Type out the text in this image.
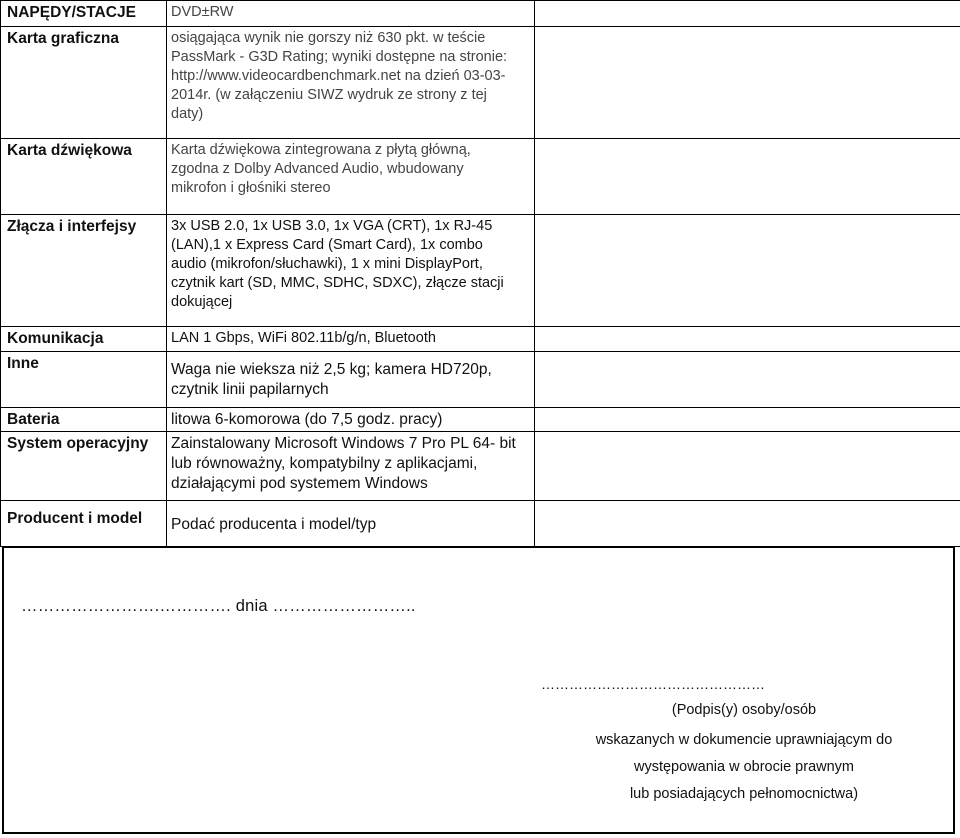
NAPĘDY/STACJE	DVD±RW	

Karta graficzna	osiągająca wynik nie gorszy niż 630 pkt. w teście
PassMark - G3D Rating; wyniki dostępne na stronie:
http://www.videocardbenchmark.net na dzień 03-03-
2014r. (w załączeniu SIWZ wydruk ze strony z tej
daty)	

Karta dźwiękowa	Karta dźwiękowa zintegrowana z płytą główną,
zgodna z Dolby Advanced Audio, wbudowany
mikrofon i głośniki stereo	

Złącza i interfejsy	3x USB 2.0, 1x USB 3.0, 1x VGA (CRT), 1x RJ-45
(LAN),1 x Express Card (Smart Card), 1x combo
audio (mikrofon/słuchawki), 1 x mini DisplayPort,
czytnik kart (SD, MMC, SDHC, SDXC), złącze stacji
dokującej	

Komunikacja	LAN 1 Gbps, WiFi 802.11b/g/n, Bluetooth	

Inne	Waga nie wieksza niż 2,5 kg; kamera HD720p,
czytnik linii papilarnych	

Bateria	litowa 6-komorowa (do 7,5 godz. pracy)	

System operacyjny	Zainstalowany Microsoft Windows 7 Pro PL 64- bit
lub równoważny, kompatybilny z aplikacjami,
działającymi pod systemem Windows	

Producent i model	Podać producenta i model/typ	

…………………….…………. dnia ……………………..
…………………………………………
(Podpis(y) osoby/osób
wskazanych w dokumencie uprawniającym do
występowania w obrocie prawnym
lub posiadających pełnomocnictwa)
